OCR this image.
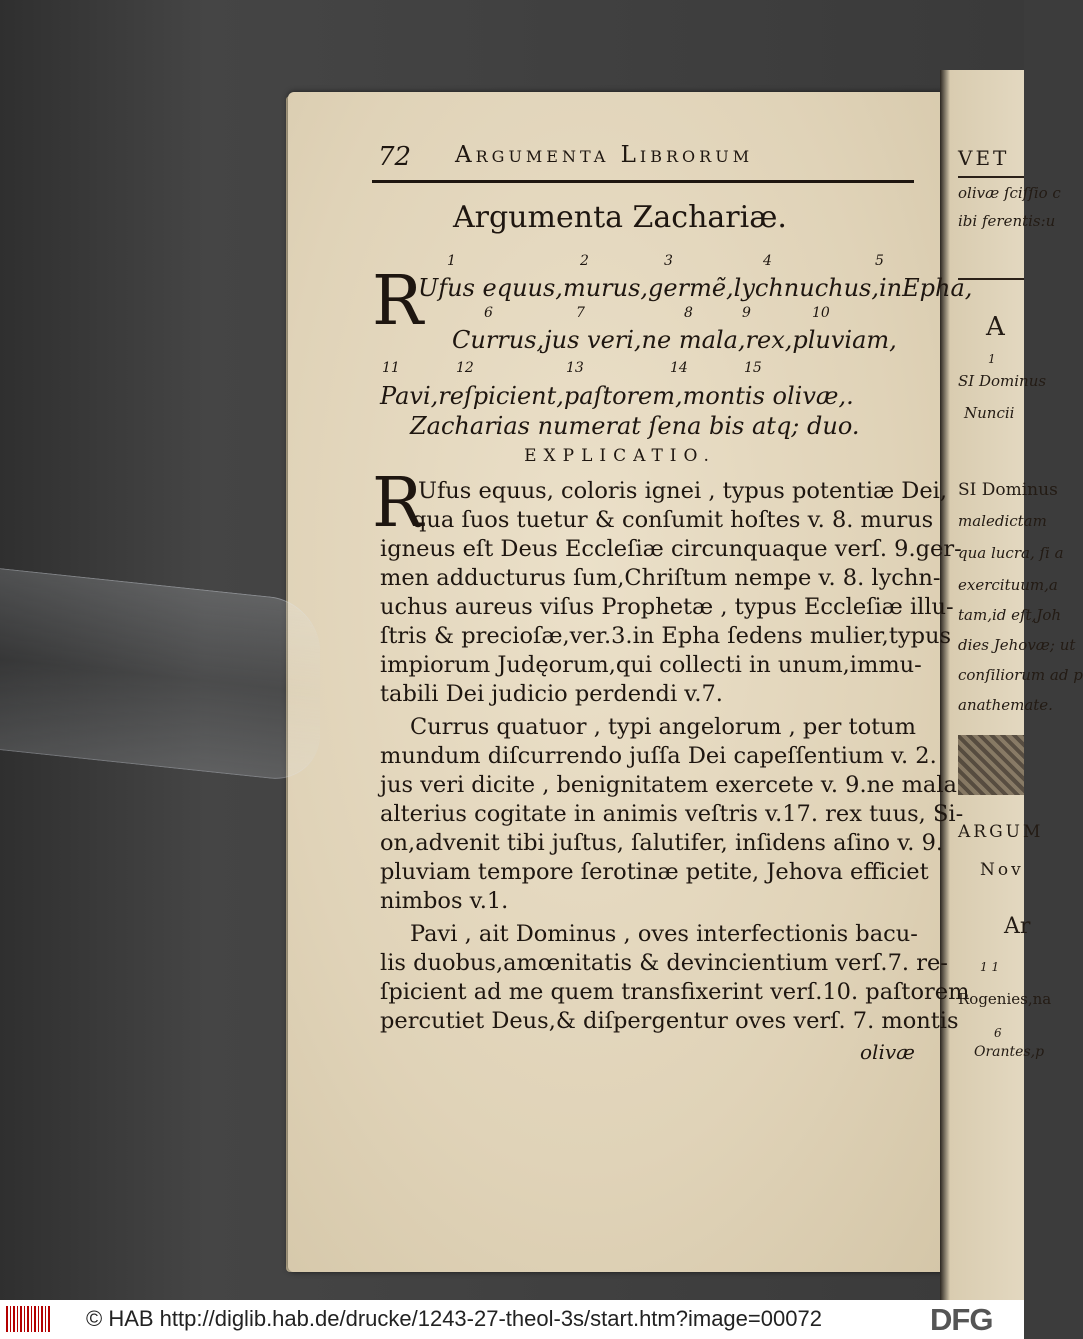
VET
olivæ ſciſſio c
ibi ferentis:u
A
1
SI Dominus
Nuncii
SI Dominus
maledictam
qua lucra, ſi a
exercituum,a
tam,id eſt,Joh
dies Jehovæ; ut
conſiliorum ad p
anathemate.
ARGUM
Nov
Ar
1 1
Rogenies,na
6
Orantes,p
72 Argumenta Librorum
Argumenta Zachariæ.
1	2	3	4	5
R
Ufus equus,murus,germẽ,lychnuchus,inEpha,
6	7	8	9	10
Currus,jus veri,ne mala,rex,pluviam,
11	12	13	14	15
Pavi,reſpicient,paſtorem,montis olivæ,.
Zacharias numerat ſena bis atq; duo.
EXPLICATIO.
R
Ufus equus, coloris ignei , typus potentiæ Dei,
qua ſuos tuetur & conſumit hoſtes v. 8. murus
igneus eſt Deus Eccleſiæ circunquaque verſ. 9.ger-
men adducturus ſum,Chriſtum nempe v. 8. lychn-
uchus aureus viſus Prophetæ , typus Eccleſiæ illu-
ſtris & precioſæ,ver.3.in Epha ſedens mulier,typus
impiorum Judęorum,qui collecti in unum,immu-
tabili Dei judicio perdendi v.7.
Currus quatuor , typi angelorum , per totum
mundum diſcurrendo juſſa Dei capeſſentium v. 2.
jus veri dicite , benignitatem exercete v. 9.ne mala
alterius cogitate in animis veſtris v.17. rex tuus, Si-
on,advenit tibi juſtus, ſalutifer, inſidens aſino v. 9.
pluviam tempore ſerotinæ petite, Jehova efficiet
nimbos v.1.
Pavi , ait Dominus , oves interfectionis bacu-
lis duobus,amœnitatis & devincientium verſ.7. re-
ſpicient ad me quem transfixerint verſ.10. paſtorem
percutiet Deus,& diſpergentur oves verſ. 7. montis
olivæ
© HAB http://diglib.hab.de/drucke/1243-27-theol-3s/start.htm?image=00072	DFG
